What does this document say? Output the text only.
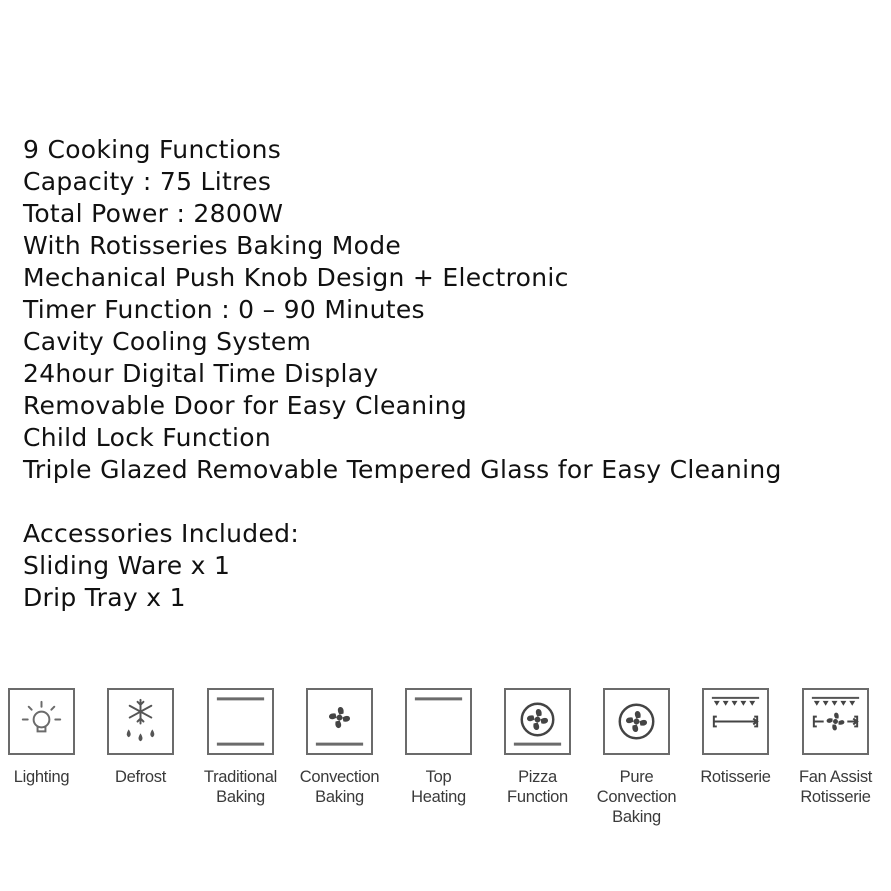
9 Cooking Functions
Capacity : 75 Litres
Total Power : 2800W
With Rotisseries Baking Mode
Mechanical Push Knob Design + Electronic
Timer Function : 0 – 90 Minutes
Cavity Cooling System
24hour Digital Time Display
Removable Door for Easy Cleaning
Child Lock Function
Triple Glazed Removable Tempered Glass for Easy Cleaning
Accessories Included:
Sliding Ware x 1
Drip Tray x 1
Lighting	Defrost	Traditional
Baking
Convection
Baking
Top
Heating
Pizza
Function
Pure
Convection
Baking
Rotisserie	Fan Assist
Rotisserie
